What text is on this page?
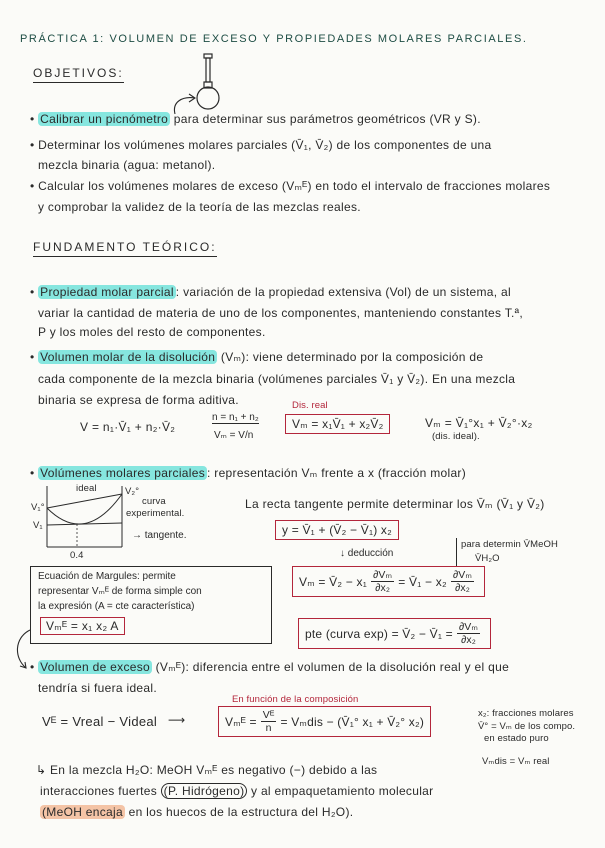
PRÁCTICA 1: VOLUMEN DE EXCESO Y PROPIEDADES MOLARES PARCIALES.
OBJETIVOS:
• Calibrar un picnómetro para determinar sus parámetros geométricos (VR y S).
• Determinar los volúmenes molares parciales (V̄₁, V̄₂) de los componentes de una
mezcla binaria (agua: metanol).
• Calcular los volúmenes molares de exceso (Vₘᴱ) en todo el intervalo de fracciones molares
y comprobar la validez de la teoría de las mezclas reales.
FUNDAMENTO TEÓRICO:
• Propiedad molar parcial : variación de la propiedad extensiva (Vol) de un sistema, al
variar la cantidad de materia de uno de los componentes, manteniendo constantes T.ª,
P y los moles del resto de componentes.
• Volumen molar de la disolución (Vₘ): viene determinado por la composición de
cada componente de la mezcla binaria (volúmenes parciales V̄₁ y V̄₂). En una mezcla
binaria se expresa de forma aditiva.
V = n₁·V̄₁ + n₂·V̄₂
n = n₁ + n₂
Vₘ = V/n
Dis. real
Vₘ = x₁V̄₁ + x₂V̄₂	Vₘ = V̄₁°x₁ + V̄₂°·x₂
(dis. ideal).
• Volúmenes molares parciales : representación Vₘ frente a x (fracción molar)
ideal	V₂°
curva
experimental.
V₁°
V₁
0.4
→ tangente.
La recta tangente permite determinar los V̄ₘ (V̄₁ y V̄₂)
y = V̄₁ + (V̄₂ − V̄₁) x₂
↓ deducción
para determin V̄MeOH
V̄H₂O
Vₘ = V̄₂ − $x_1 \frac{\text{∂Vₘ}}{\text{∂x₂}}$ = V̄₁ − $x_2 \frac{\text{∂Vₘ}}{\text{∂x₂}}$
pte (curva exp) = V̄₂ − V̄₁ = $\frac{\text{∂Vₘ}}{\text{∂x₂}}$
Ecuación de Margules: permite
representar Vₘᴱ de forma simple con
la expresión (A = cte característica)
Vₘᴱ = x₁ x₂ A
• Volumen de exceso (Vₘᴱ): diferencia entre el volumen de la disolución real y el que
tendría si fuera ideal.
En función de la composición
Vᴱ = Vreal − Videal ⟶	Vₘᴱ = $\frac{\text{Vᴱ}}{n} = V_mdis$ − (V̄₁° x₁ + V̄₂° x₂)
x₂: fracciones molares
V̄° = Vₘ de los compo.
en estado puro
Vₘdis = Vₘ real
↳ En la mezcla H₂O: MeOH Vₘᴱ es negativo (−) debido a las
interacciones fuertes (P. Hidrógeno) y al empaquetamiento molecular
(MeOH encaja en los huecos de la estructura del H₂O).
